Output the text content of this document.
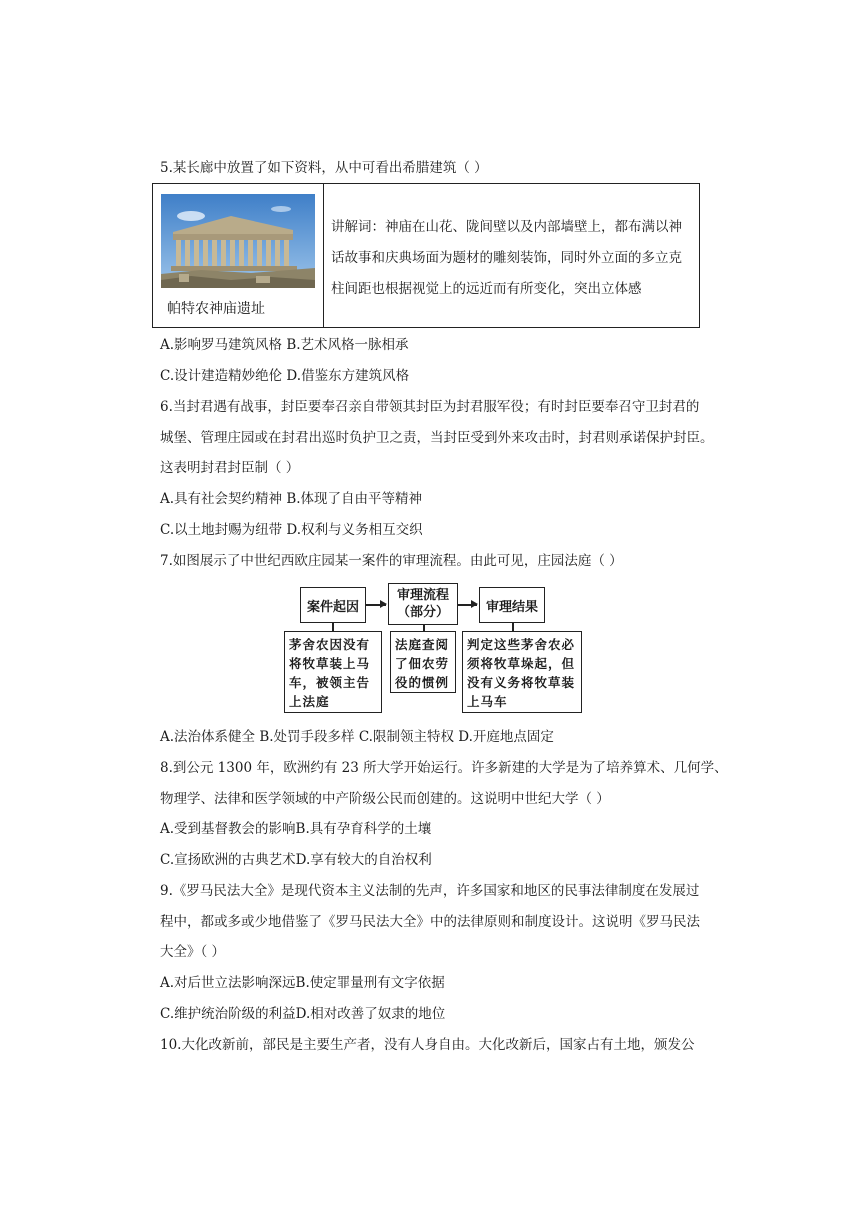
5.某长廊中放置了如下资料，从中可看出希腊建筑（ ）
帕特农神庙遗址
讲解词：神庙在山花、陇间壁以及内部墙壁上，都布满以神话故事和庆典场面为题材的雕刻装饰，同时外立面的多立克柱间距也根据视觉上的远近而有所变化，突出立体感
A.影响罗马建筑风格 B.艺术风格一脉相承
C.设计建造精妙绝伦 D.借鉴东方建筑风格
6.当封君遇有战事，封臣要奉召亲自带领其封臣为封君服军役；有时封臣要奉召守卫封君的
城堡、管理庄园或在封君出巡时负护卫之责，当封臣受到外来攻击时，封君则承诺保护封臣。
这表明封君封臣制（ ）
A.具有社会契约精神 B.体现了自由平等精神
C.以土地封赐为纽带 D.权利与义务相互交织
7.如图展示了中世纪西欧庄园某一案件的审理流程。由此可见，庄园法庭（ ）
案件起因
审理流程（部分）	审理结果
茅舍农因没有将牧草装上马车，被领主告上法庭
法庭查阅了佃农劳役的惯例
判定这些茅舍农必须将牧草垛起，但没有义务将牧草装上马车
A.法治体系健全 B.处罚手段多样 C.限制领主特权 D.开庭地点固定
8.到公元 1300 年，欧洲约有 23 所大学开始运行。许多新建的大学是为了培养算术、几何学、
物理学、法律和医学领域的中产阶级公民而创建的。这说明中世纪大学（ ）
A.受到基督教会的影响B.具有孕育科学的土壤
C.宣扬欧洲的古典艺术D.享有较大的自治权利
9.《罗马民法大全》是现代资本主义法制的先声，许多国家和地区的民事法律制度在发展过
程中，都或多或少地借鉴了《罗马民法大全》中的法律原则和制度设计。这说明《罗马民法
大全》（ ）
A.对后世立法影响深远B.使定罪量刑有文字依据
C.维护统治阶级的利益D.相对改善了奴隶的地位
10.大化改新前，部民是主要生产者，没有人身自由。大化改新后，国家占有土地，颁发公
